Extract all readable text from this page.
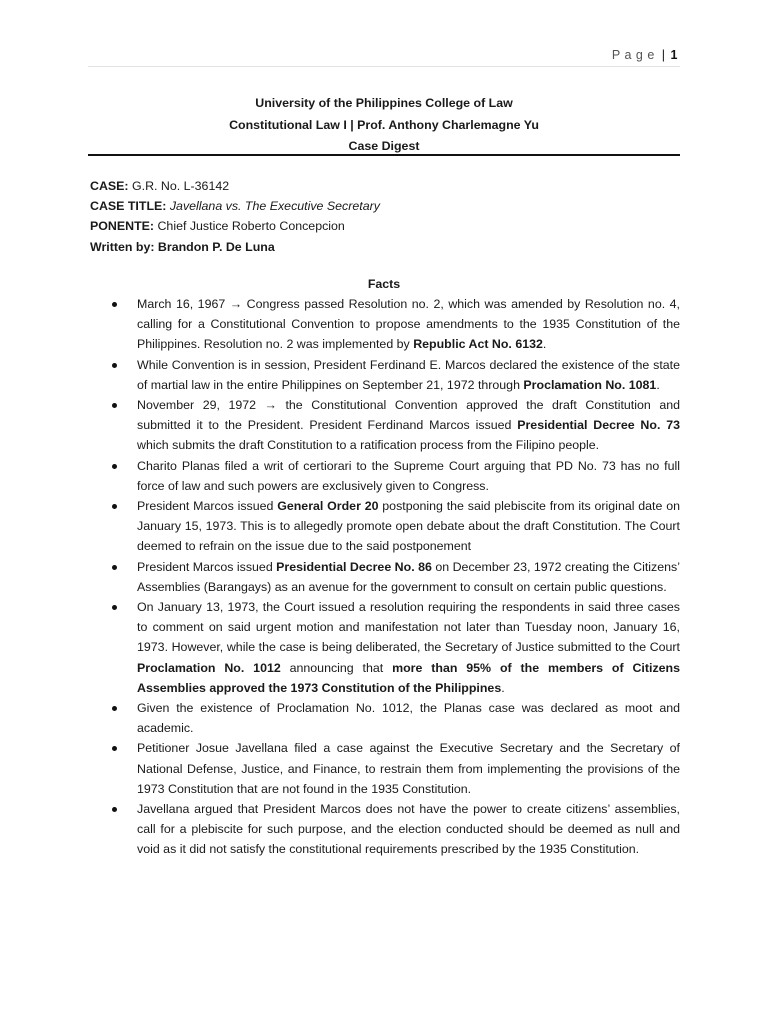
P a g e | 1
University of the Philippines College of Law
Constitutional Law I | Prof. Anthony Charlemagne Yu
Case Digest
CASE: G.R. No. L-36142
CASE TITLE: Javellana vs. The Executive Secretary
PONENTE: Chief Justice Roberto Concepcion
Written by: Brandon P. De Luna
Facts
March 16, 1967 → Congress passed Resolution no. 2, which was amended by Resolution no. 4, calling for a Constitutional Convention to propose amendments to the 1935 Constitution of the Philippines. Resolution no. 2 was implemented by Republic Act No. 6132.
While Convention is in session, President Ferdinand E. Marcos declared the existence of the state of martial law in the entire Philippines on September 21, 1972 through Proclamation No. 1081.
November 29, 1972 → the Constitutional Convention approved the draft Constitution and submitted it to the President. President Ferdinand Marcos issued Presidential Decree No. 73 which submits the draft Constitution to a ratification process from the Filipino people.
Charito Planas filed a writ of certiorari to the Supreme Court arguing that PD No. 73 has no full force of law and such powers are exclusively given to Congress.
President Marcos issued General Order 20 postponing the said plebiscite from its original date on January 15, 1973. This is to allegedly promote open debate about the draft Constitution. The Court deemed to refrain on the issue due to the said postponement
President Marcos issued Presidential Decree No. 86 on December 23, 1972 creating the Citizens’ Assemblies (Barangays) as an avenue for the government to consult on certain public questions.
On January 13, 1973, the Court issued a resolution requiring the respondents in said three cases to comment on said urgent motion and manifestation not later than Tuesday noon, January 16, 1973. However, while the case is being deliberated, the Secretary of Justice submitted to the Court Proclamation No. 1012 announcing that more than 95% of the members of Citizens Assemblies approved the 1973 Constitution of the Philippines.
Given the existence of Proclamation No. 1012, the Planas case was declared as moot and academic.
Petitioner Josue Javellana filed a case against the Executive Secretary and the Secretary of National Defense, Justice, and Finance, to restrain them from implementing the provisions of the 1973 Constitution that are not found in the 1935 Constitution.
Javellana argued that President Marcos does not have the power to create citizens’ assemblies, call for a plebiscite for such purpose, and the election conducted should be deemed as null and void as it did not satisfy the constitutional requirements prescribed by the 1935 Constitution.
